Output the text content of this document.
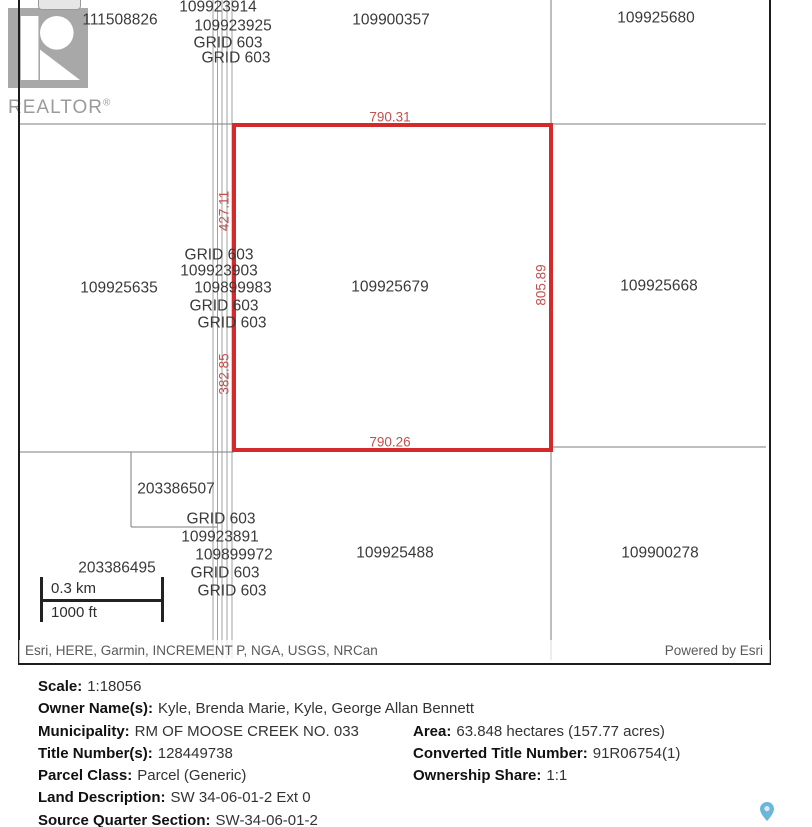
REALTOR®
111508826
109923914
109923925
GRID 603
GRID 603
109900357	109925680
109925635
GRID 603
109923903
109899983
GRID 603
GRID 603
109925679	109925668
203386507
GRID 603
109923891
109899972
GRID 603
GRID 603
203386495
109925488	109900278
790.31
790.26
427.11
382.85
805.89
0.3 km
1000 ft
Esri, HERE, Garmin, INCREMENT P, NGA, USGS, NRCan	Powered by Esri
Scale: 1:18056
Owner Name(s): Kyle, Brenda Marie, Kyle, George Allan Bennett
Municipality: RM OF MOOSE CREEK NO. 033	Area: 63.848 hectares (157.77 acres)
Title Number(s): 128449738	Converted Title Number: 91R06754(1)
Parcel Class: Parcel (Generic)	Ownership Share: 1:1
Land Description: SW 34-06-01-2 Ext 0
Source Quarter Section: SW-34-06-01-2
